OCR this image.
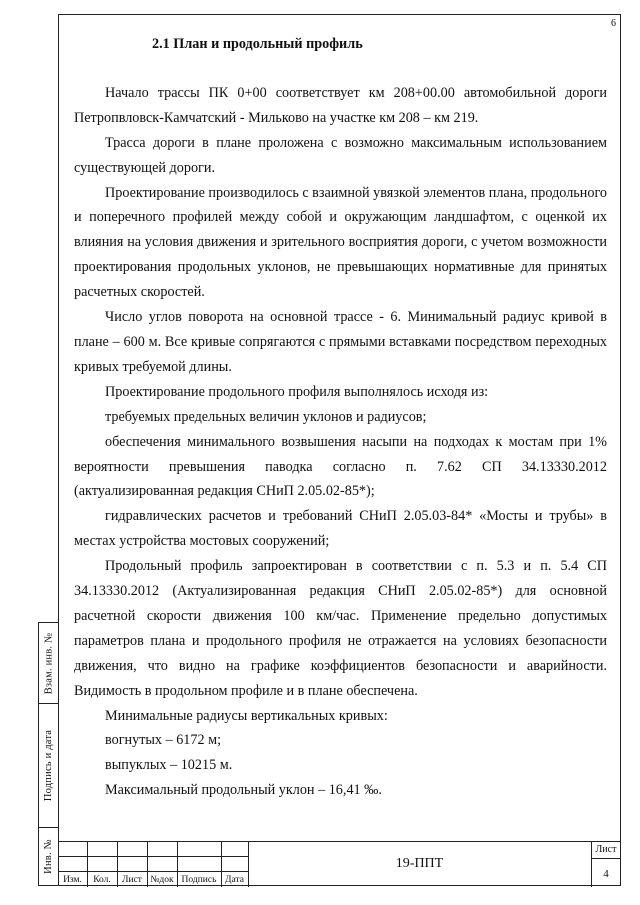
6
2.1 План и продольный профиль

Начало трассы ПК 0+00 соответствует км 208+00.00 автомобильной дороги Петропвловск-Камчатский - Мильково на участке км 208 – км 219.

Трасса дороги в плане проложена с возможно максимальным использованием существующей дороги.

Проектирование производилось с взаимной увязкой элементов плана, продольного и поперечного профилей между собой и окружающим ландшафтом, с оценкой их влияния на условия движения и зрительного восприятия дороги, с учетом возможности проектирования продольных уклонов, не превышающих нормативные для принятых расчетных скоростей.

Число углов поворота на основной трассе - 6. Минимальный радиус кривой в плане – 600 м. Все кривые сопрягаются с прямыми вставками посредством переходных кривых требуемой длины.

Проектирование продольного профиля выполнялось исходя из:

требуемых предельных величин уклонов и радиусов;

обеспечения минимального возвышения насыпи на подходах к мостам при 1% вероятности превышения паводка согласно п. 7.62 СП 34.13330.2012 (актуализированная редакция СНиП 2.05.02-85*);

гидравлических расчетов и требований СНиП 2.05.03-84* «Мосты и трубы» в местах устройства мостовых сооружений;

Продольный профиль запроектирован в соответствии с п. 5.3 и п. 5.4 СП 34.13330.2012 (Актуализированная редакция СНиП 2.05.02-85*) для основной расчетной скорости движения 100 км/час. Применение предельно допустимых параметров плана и продольного профиля не отражается на условиях безопасности движения, что видно на графике коэффициентов безопасности и аварийности. Видимость в продольном профиле и в плане обеспечена.

Минимальные радиусы вертикальных кривых:

вогнутых – 6172 м;

выпуклых – 10215 м.

Максимальный продольный уклон – 16,41 ‰.

Взам. инв. №
Подпись и дата
Инв. №
Изм.	Кол.	Лист №док Подпись Дата
19-ППТ
Лист
4
